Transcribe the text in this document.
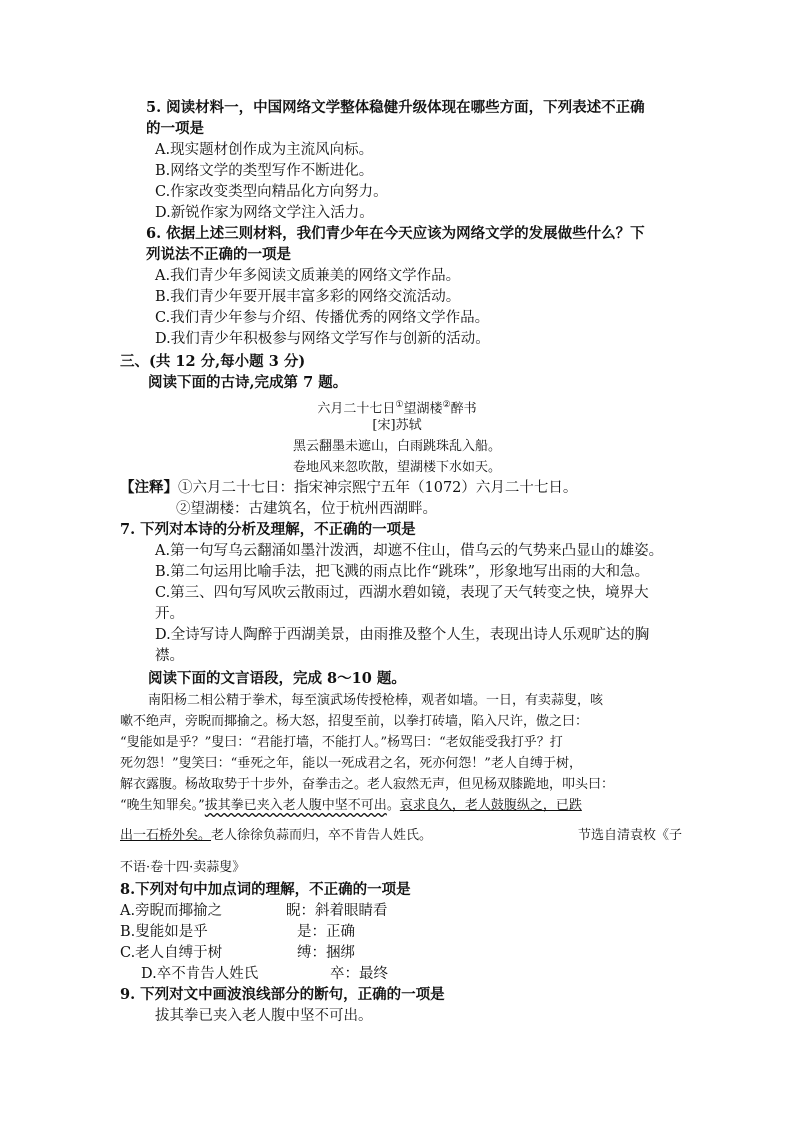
5. 阅读材料一，中国网络文学整体稳健升级体现在哪些方面，下列表述不正确
的一项是
A.现实题材创作成为主流风向标。
B.网络文学的类型写作不断进化。
C.作家改变类型向精品化方向努力。
D.新锐作家为网络文学注入活力。
6. 依据上述三则材料，我们青少年在今天应该为网络文学的发展做些什么？下
列说法不正确的一项是
A.我们青少年多阅读文质兼美的网络文学作品。
B.我们青少年要开展丰富多彩的网络交流活动。
C.我们青少年参与介绍、传播优秀的网络文学作品。
D.我们青少年积极参与网络文学写作与创新的活动。
三、(共 12 分,每小题 3 分)
阅读下面的古诗,完成第 7 题。
六月二十七日①望湖楼②醉书
[宋]苏轼
黑云翻墨未遮山，白雨跳珠乱入船。
卷地风来忽吹散，望湖楼下水如天。
【注释】①六月二十七日：指宋神宗熙宁五年（1072）六月二十七日。
②望湖楼：古建筑名，位于杭州西湖畔。
7. 下列对本诗的分析及理解，不正确的一项是
A.第一句写乌云翻涌如墨汁泼洒，却遮不住山，借乌云的气势来凸显山的雄姿。
B.第二句运用比喻手法，把飞溅的雨点比作“跳珠”，形象地写出雨的大和急。
C.第三、四句写风吹云散雨过，西湖水碧如镜，表现了天气转变之快，境界大
开。
D.全诗写诗人陶醉于西湖美景，由雨推及整个人生，表现出诗人乐观旷达的胸
襟。
阅读下面的文言语段，完成 8～10 题。
南阳杨二相公精于拳术，每至演武场传授枪棒，观者如墙。一日，有卖蒜叟，咳
嗽不绝声，旁睨而揶揄之。杨大怒，招叟至前，以拳打砖墙，陷入尺许，傲之曰：
“叟能如是乎？”叟曰：“君能打墙，不能打人。”杨骂曰：“老奴能受我打乎？打
死勿怨！”叟笑曰：“垂死之年，能以一死成君之名，死亦何怨！”老人自缚于树，
解衣露腹。杨故取势于十步外，奋拳击之。老人寂然无声，但见杨双膝跪地，叩头曰：
“晚生知罪矣。”拔其拳已夹入老人腹中坚不可出。哀求良久，老人鼓腹纵之，已跌
出一石桥外矣。老人徐徐负蒜而归，卒不肯告人姓氏。	节选自清袁枚《子
不语·卷十四·卖蒜叟》
8.下列对句中加点词的理解，不正确的一项是
A.旁睨而揶揄之	睨：斜着眼睛看
B.叟能如是乎	是：正确
C.老人自缚于树	缚：捆绑
D.卒不肯告人姓氏	卒：最终
9. 下列对文中画波浪线部分的断句，正确的一项是
拔其拳已夹入老人腹中坚不可出。
